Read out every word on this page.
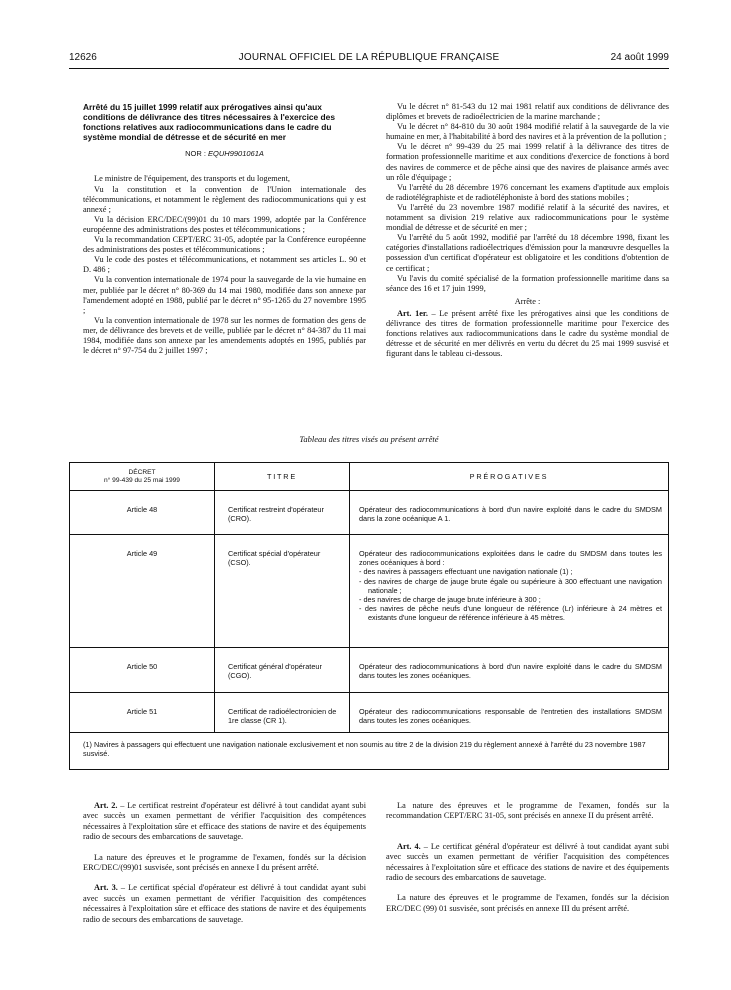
12626	JOURNAL OFFICIEL DE LA RÉPUBLIQUE FRANÇAISE	24 août 1999
Arrêté du 15 juillet 1999 relatif aux prérogatives ainsi qu'aux conditions de délivrance des titres nécessaires à l'exercice des fonctions relatives aux radiocommunications dans le cadre du système mondial de détresse et de sécurité en mer
NOR : EQUH9901061A

Le ministre de l'équipement, des transports et du logement,

Vu la constitution et la convention de l'Union internationale des télécommunications, et notamment le règlement des radiocommunications qui y est annexé ;

Vu la décision ERC/DEC/(99)01 du 10 mars 1999, adoptée par la Conférence européenne des administrations des postes et télécommunications ;

Vu la recommandation CEPT/ERC 31-05, adoptée par la Conférence européenne des administrations des postes et télécommunications ;

Vu le code des postes et télécommunications, et notamment ses articles L. 90 et D. 486 ;

Vu la convention internationale de 1974 pour la sauvegarde de la vie humaine en mer, publiée par le décret n° 80-369 du 14 mai 1980, modifiée dans son annexe par l'amendement adopté en 1988, publié par le décret n° 95-1265 du 27 novembre 1995 ;

Vu la convention internationale de 1978 sur les normes de formation des gens de mer, de délivrance des brevets et de veille, publiée par le décret n° 84-387 du 11 mai 1984, modifiée dans son annexe par les amendements adoptés en 1995, publiés par le décret n° 97-754 du 2 juillet 1997 ;

Vu le décret n° 81-543 du 12 mai 1981 relatif aux conditions de délivrance des diplômes et brevets de radioélectricien de la marine marchande ;

Vu le décret n° 84-810 du 30 août 1984 modifié relatif à la sauvegarde de la vie humaine en mer, à l'habitabilité à bord des navires et à la prévention de la pollution ;

Vu le décret n° 99-439 du 25 mai 1999 relatif à la délivrance des titres de formation professionnelle maritime et aux conditions d'exercice de fonctions à bord des navires de commerce et de pêche ainsi que des navires de plaisance armés avec un rôle d'équipage ;

Vu l'arrêté du 28 décembre 1976 concernant les examens d'aptitude aux emplois de radiotélégraphiste et de radiotéléphoniste à bord des stations mobiles ;

Vu l'arrêté du 23 novembre 1987 modifié relatif à la sécurité des navires, et notamment sa division 219 relative aux radiocommunications pour le système mondial de détresse et de sécurité en mer ;

Vu l'arrêté du 5 août 1992, modifié par l'arrêté du 18 décembre 1998, fixant les catégories d'installations radioélectriques d'émission pour la manœuvre desquelles la possession d'un certificat d'opérateur est obligatoire et les conditions d'obtention de ce certificat ;

Vu l'avis du comité spécialisé de la formation professionnelle maritime dans sa séance des 16 et 17 juin 1999,

Arrête :

Art. 1er. – Le présent arrêté fixe les prérogatives ainsi que les conditions de délivrance des titres de formation professionnelle maritime pour l'exercice des fonctions relatives aux radiocommunications dans le cadre du système mondial de détresse et de sécurité en mer délivrés en vertu du décret du 25 mai 1999 susvisé et figurant dans le tableau ci-dessous.

Tableau des titres visés au présent arrêté
DÉCRET
n° 99-439 du 25 mai 1999	TITRE	PRÉROGATIVES
Article 48	Certificat restreint d'opérateur (CRO).	Opérateur des radiocommunications à bord d'un navire exploité dans le cadre du SMDSM dans la zone océanique A 1.

Article 49	Certificat spécial d'opérateur (CSO).	Opérateur des radiocommunications exploitées dans le cadre du SMDSM dans toutes les zones océaniques à bord :
- des navires à passagers effectuant une navigation nationale (1) ;
- des navires de charge de jauge brute égale ou supérieure à 300 effectuant une navigation nationale ;
- des navires de charge de jauge brute inférieure à 300 ;
- des navires de pêche neufs d'une longueur de référence (Lr) inférieure à 24 mètres et existants d'une longueur de référence inférieure à 45 mètres.

Article 50	Certificat général d'opérateur (CGO).	Opérateur des radiocommunications à bord d'un navire exploité dans le cadre du SMDSM dans toutes les zones océaniques.

Article 51	Certificat de radioélectronicien de 1re classe (CR 1).	Opérateur des radiocommunications responsable de l'entretien des installations SMDSM dans toutes les zones océaniques.

(1) Navires à passagers qui effectuent une navigation nationale exclusivement et non soumis au titre 2 de la division 219 du règlement annexé à l'arrêté du 23 novembre 1987 susvisé.		

Art. 2. – Le certificat restreint d'opérateur est délivré à tout candidat ayant subi avec succès un examen permettant de vérifier l'acquisition des compétences nécessaires à l'exploitation sûre et efficace des stations de navire et des équipements radio de secours des embarcations de sauvetage.

La nature des épreuves et le programme de l'examen, fondés sur la décision ERC/DEC/(99)01 susvisée, sont précisés en annexe I du présent arrêté.

Art. 3. – Le certificat spécial d'opérateur est délivré à tout candidat ayant subi avec succès un examen permettant de vérifier l'acquisition des compétences nécessaires à l'exploitation sûre et efficace des stations de navire et des équipements radio de secours des embarcations de sauvetage.

La nature des épreuves et le programme de l'examen, fondés sur la recommandation CEPT/ERC 31-05, sont précisés en annexe II du présent arrêté.

Art. 4. – Le certificat général d'opérateur est délivré à tout candidat ayant subi avec succès un examen permettant de vérifier l'acquisition des compétences nécessaires à l'exploitation sûre et efficace des stations de navire et des équipements radio de secours des embarcations de sauvetage.

La nature des épreuves et le programme de l'examen, fondés sur la décision ERC/DEC (99) 01 susvisée, sont précisés en annexe III du présent arrêté.
